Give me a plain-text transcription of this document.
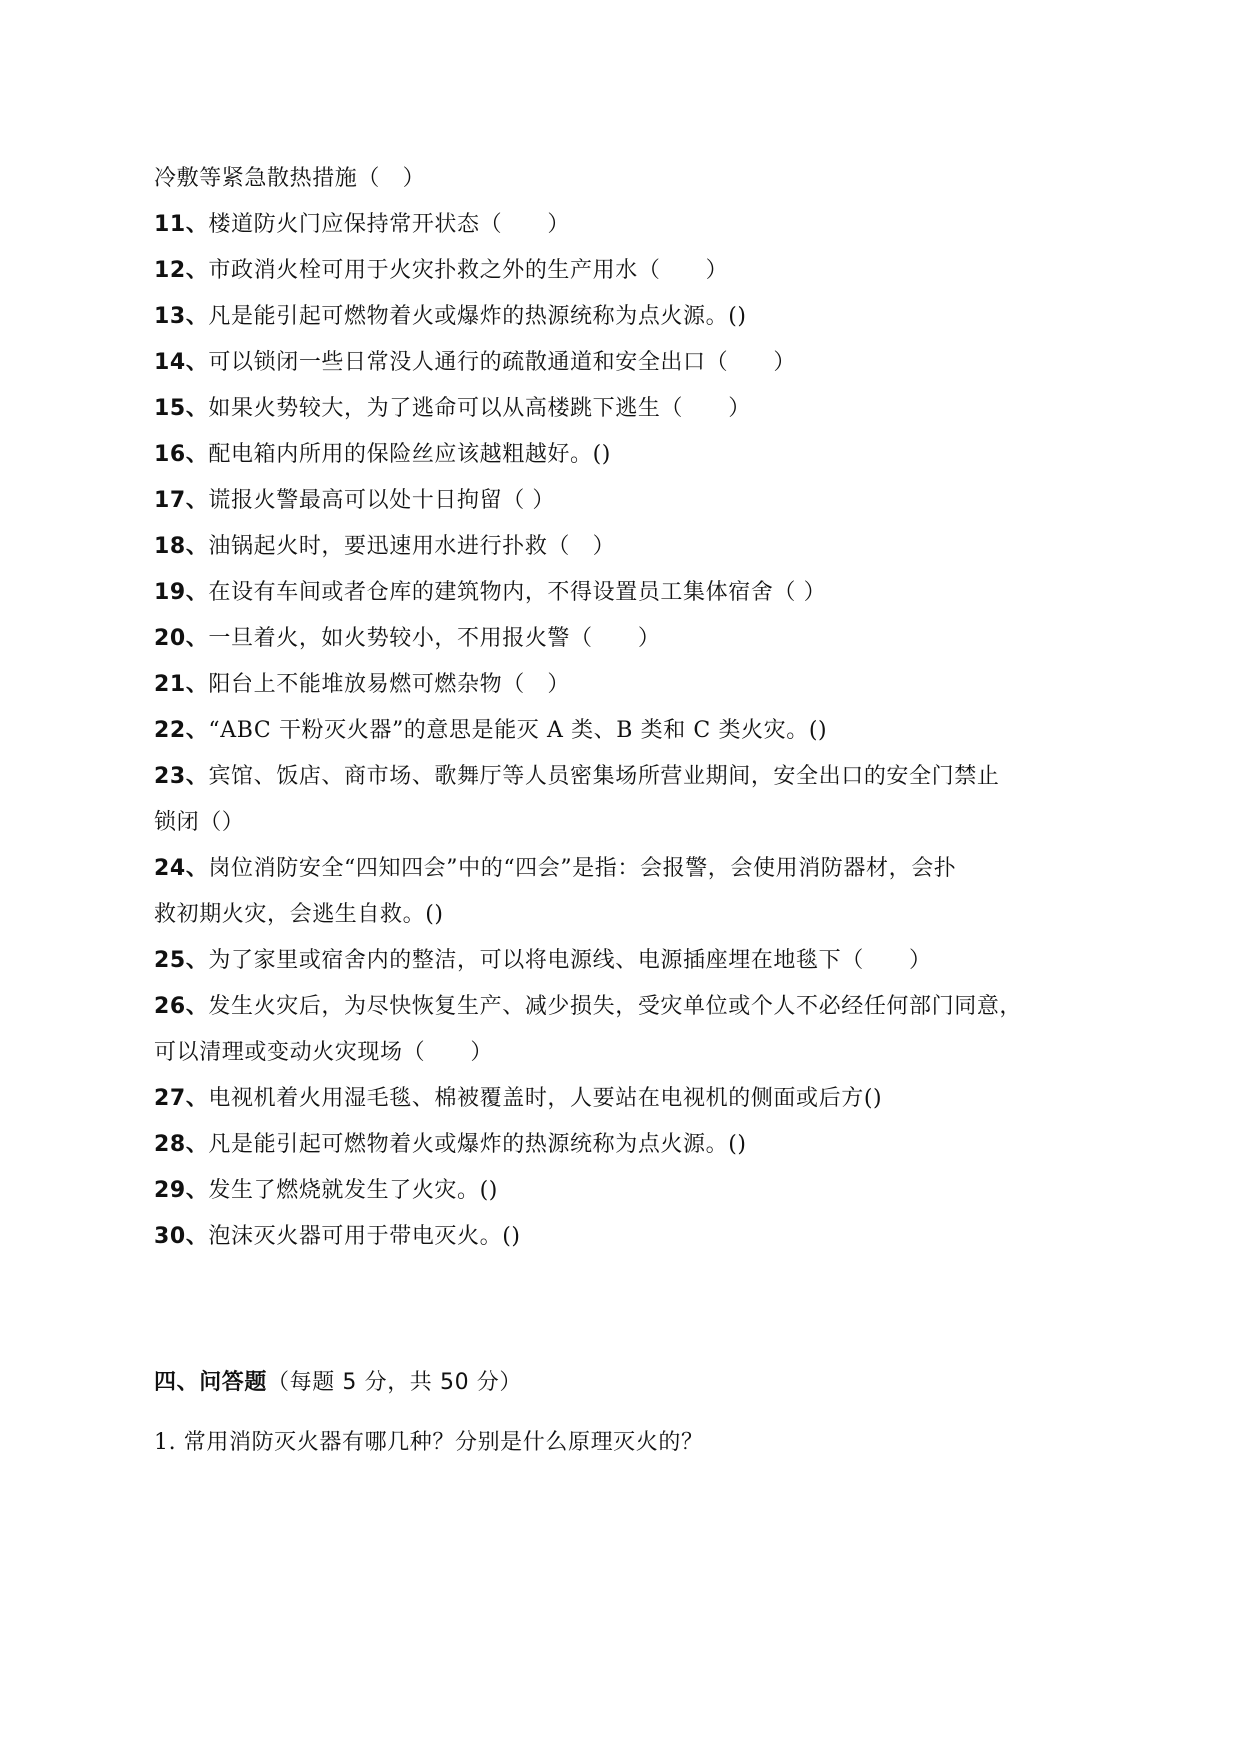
冷敷等紧急散热措施（　）
11、楼道防火门应保持常开状态（　　）
12、市政消火栓可用于火灾扑救之外的生产用水（　　）
13、凡是能引起可燃物着火或爆炸的热源统称为点火源。()
14、可以锁闭一些日常没人通行的疏散通道和安全出口（　　）
15、如果火势较大，为了逃命可以从高楼跳下逃生（　　）
16、配电箱内所用的保险丝应该越粗越好。()
17、谎报火警最高可以处十日拘留（ ）
18、油锅起火时，要迅速用水进行扑救（　）
19、在设有车间或者仓库的建筑物内，不得设置员工集体宿舍（ ）
20、一旦着火，如火势较小，不用报火警（　　）
21、阳台上不能堆放易燃可燃杂物（　）
22、“ABC 干粉灭火器”的意思是能灭 A 类、B 类和 C 类火灾。()
23、宾馆、饭店、商市场、歌舞厅等人员密集场所营业期间，安全出口的安全门禁止
锁闭（）
24、岗位消防安全“四知四会”中的“四会”是指：会报警，会使用消防器材，会扑
救初期火灾，会逃生自救。()
25、为了家里或宿舍内的整洁，可以将电源线、电源插座埋在地毯下（　　）
26、发生火灾后，为尽快恢复生产、减少损失，受灾单位或个人不必经任何部门同意，
可以清理或变动火灾现场（　　）
27、电视机着火用湿毛毯、棉被覆盖时，人要站在电视机的侧面或后方()
28、凡是能引起可燃物着火或爆炸的热源统称为点火源。()
29、发生了燃烧就发生了火灾。()
30、泡沫灭火器可用于带电灭火。()
四、问答题（每题 5 分，共 50 分）
1. 常用消防灭火器有哪几种？分别是什么原理灭火的？
